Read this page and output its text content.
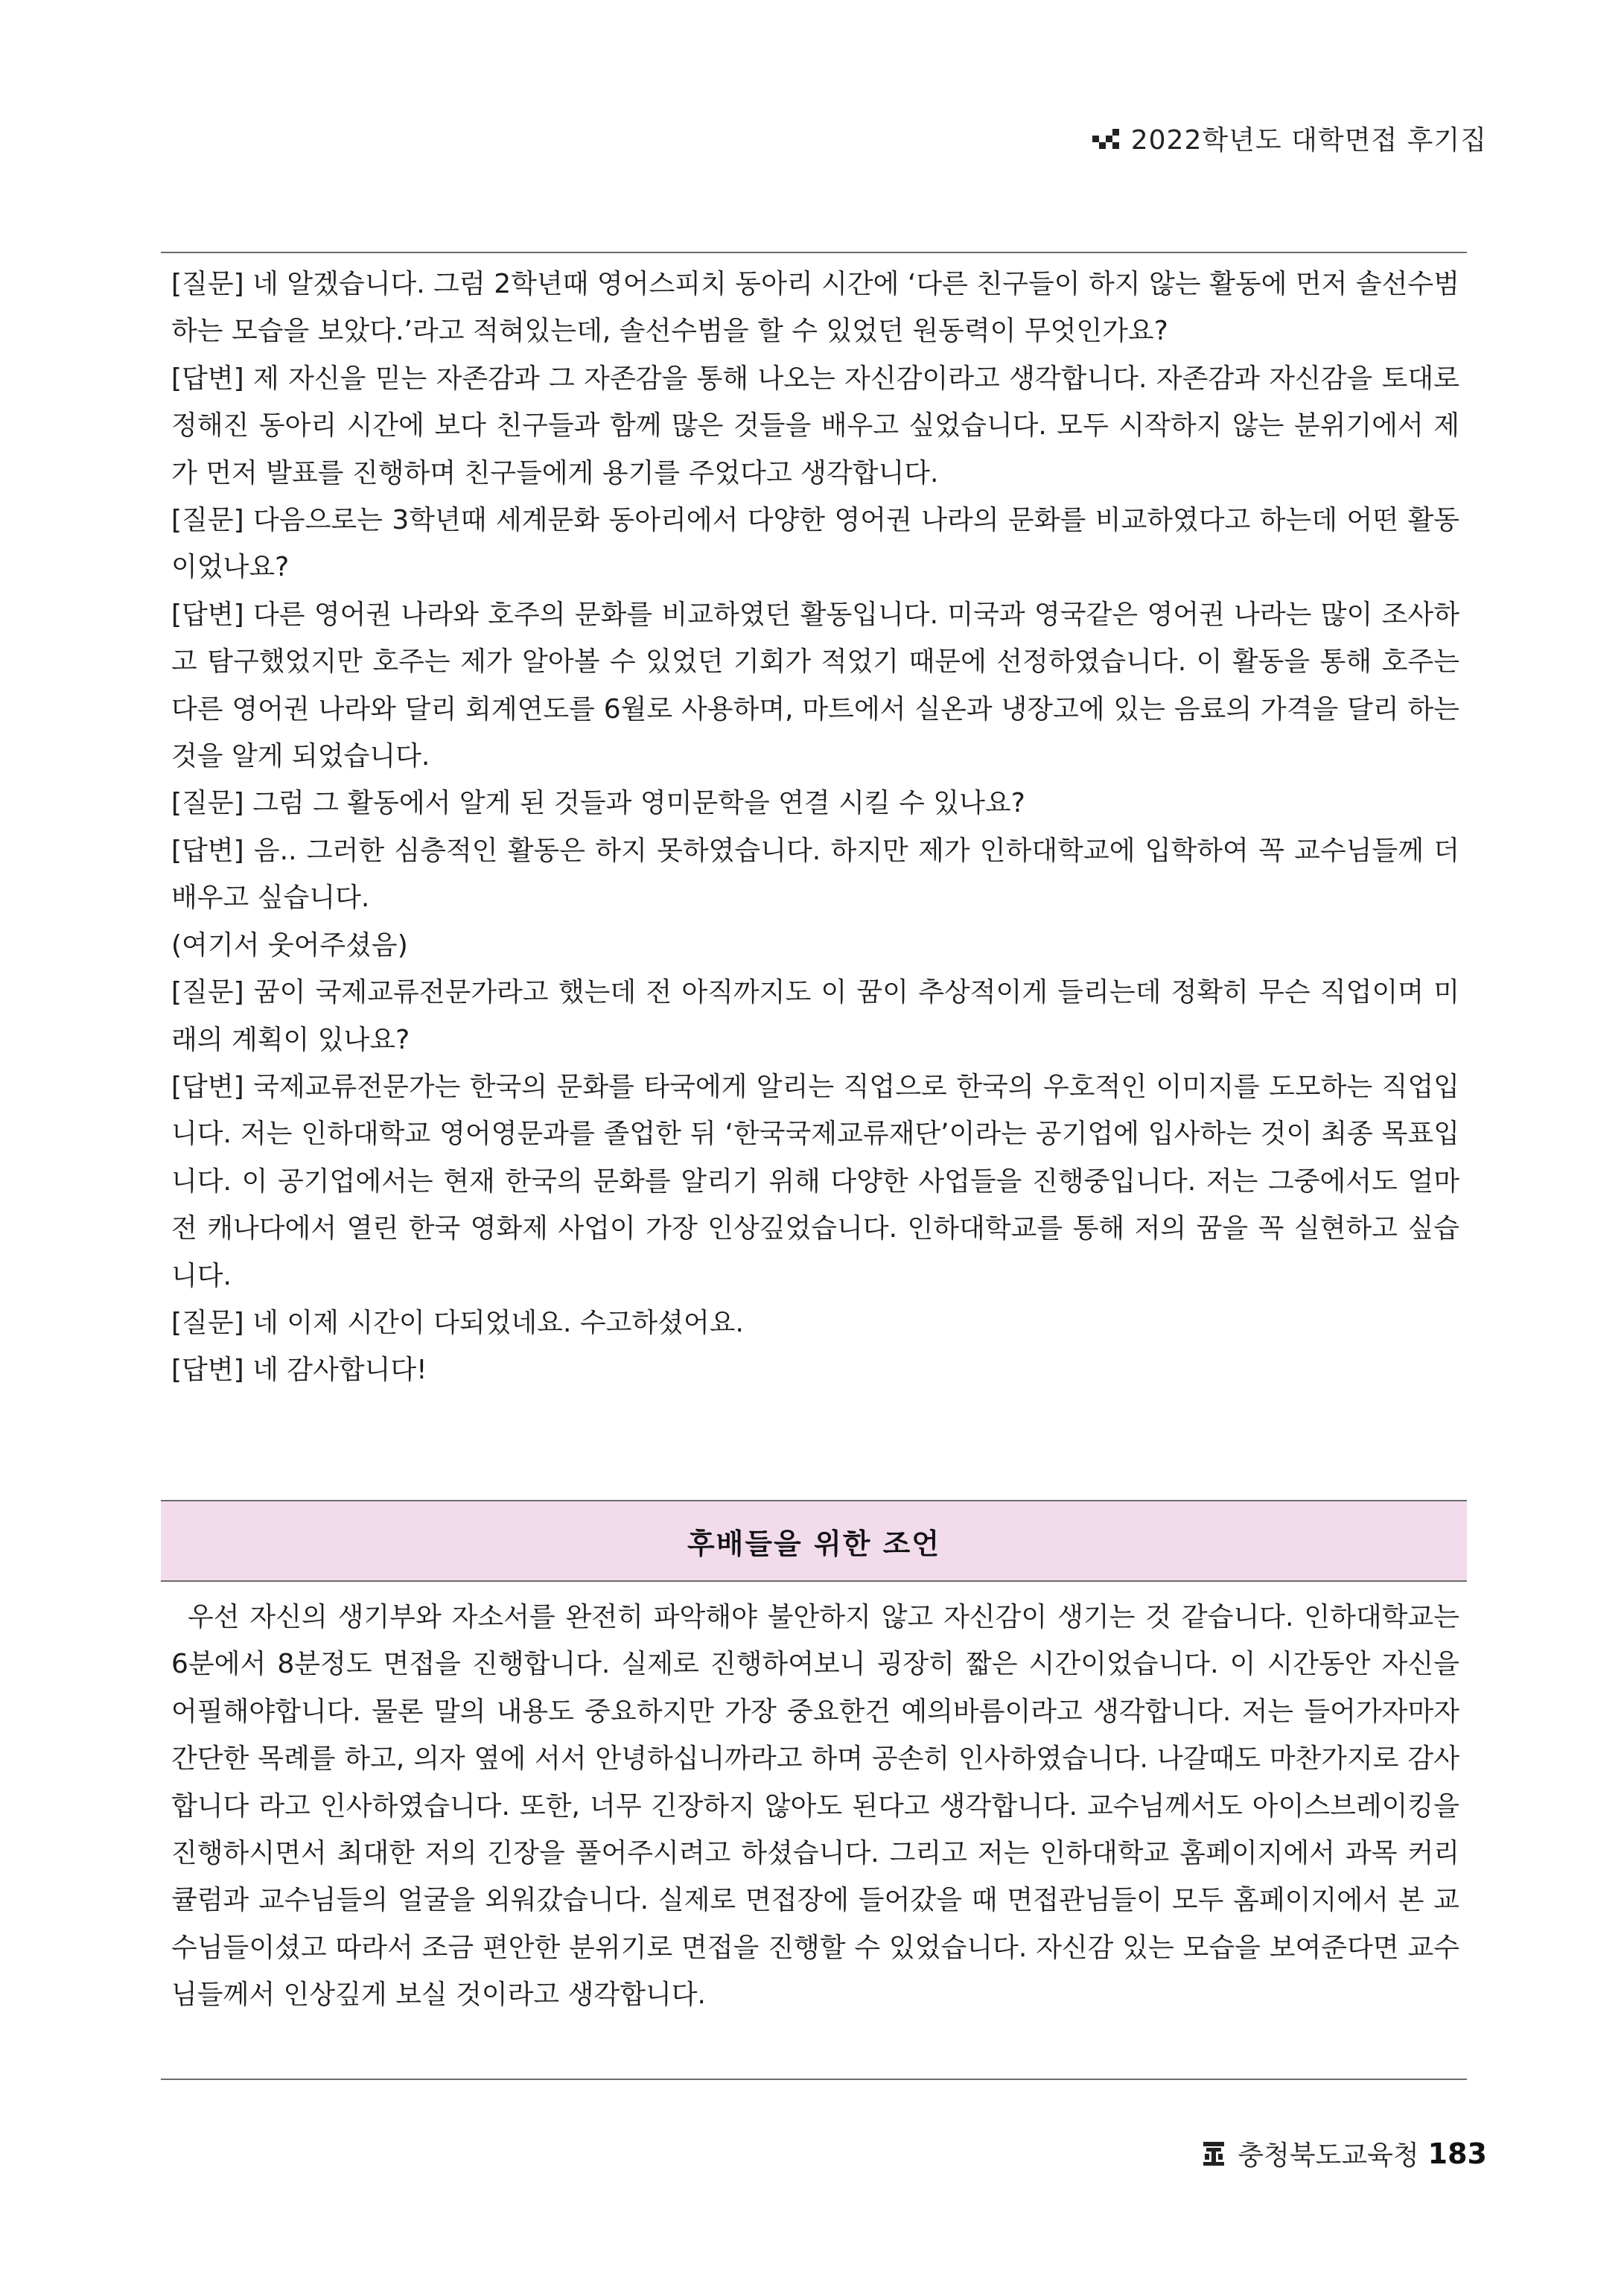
2022학년도 대학면접 후기집

[질문] 네 알겠습니다. 그럼 2학년때 영어스피치 동아리 시간에 ‘다른 친구들이 하지 않는 활동에 먼저 솔선수범 하는 모습을 보았다.’라고 적혀있는데, 솔선수범을 할 수 있었던 원동력이 무엇인가요?

[답변] 제 자신을 믿는 자존감과 그 자존감을 통해 나오는 자신감이라고 생각합니다. 자존감과 자신감을 토대로 정해진 동아리 시간에 보다 친구들과 함께 많은 것들을 배우고 싶었습니다. 모두 시작하지 않는 분위기에서 제가 먼저 발표를 진행하며 친구들에게 용기를 주었다고 생각합니다.

[질문] 다음으로는 3학년때 세계문화 동아리에서 다양한 영어권 나라의 문화를 비교하였다고 하는데 어떤 활동이었나요?

[답변] 다른 영어권 나라와 호주의 문화를 비교하였던 활동입니다. 미국과 영국같은 영어권 나라는 많이 조사하고 탐구했었지만 호주는 제가 알아볼 수 있었던 기회가 적었기 때문에 선정하였습니다. 이 활동을 통해 호주는 다른 영어권 나라와 달리 회계연도를 6월로 사용하며, 마트에서 실온과 냉장고에 있는 음료의 가격을 달리 하는 것을 알게 되었습니다.

[질문] 그럼 그 활동에서 알게 된 것들과 영미문학을 연결 시킬 수 있나요?

[답변] 음.. 그러한 심층적인 활동은 하지 못하였습니다. 하지만 제가 인하대학교에 입학하여 꼭 교수님들께 더 배우고 싶습니다.

(여기서 웃어주셨음)

[질문] 꿈이 국제교류전문가라고 했는데 전 아직까지도 이 꿈이 추상적이게 들리는데 정확히 무슨 직업이며 미래의 계획이 있나요?

[답변] 국제교류전문가는 한국의 문화를 타국에게 알리는 직업으로 한국의 우호적인 이미지를 도모하는 직업입니다. 저는 인하대학교 영어영문과를 졸업한 뒤 ‘한국국제교류재단’이라는 공기업에 입사하는 것이 최종 목표입니다. 이 공기업에서는 현재 한국의 문화를 알리기 위해 다양한 사업들을 진행중입니다. 저는 그중에서도 얼마전 캐나다에서 열린 한국 영화제 사업이 가장 인상깊었습니다. 인하대학교를 통해 저의 꿈을 꼭 실현하고 싶습니다.

[질문] 네 이제 시간이 다되었네요. 수고하셨어요.

[답변] 네 감사합니다!

후배들을 위한 조언

우선 자신의 생기부와 자소서를 완전히 파악해야 불안하지 않고 자신감이 생기는 것 같습니다. 인하대학교는 6분에서 8분정도 면접을 진행합니다. 실제로 진행하여보니 굉장히 짧은 시간이었습니다. 이 시간동안 자신을 어필해야합니다. 물론 말의 내용도 중요하지만 가장 중요한건 예의바름이라고 생각합니다. 저는 들어가자마자 간단한 목례를 하고, 의자 옆에 서서 안녕하십니까라고 하며 공손히 인사하였습니다. 나갈때도 마찬가지로 감사합니다 라고 인사하였습니다. 또한, 너무 긴장하지 않아도 된다고 생각합니다. 교수님께서도 아이스브레이킹을 진행하시면서 최대한 저의 긴장을 풀어주시려고 하셨습니다. 그리고 저는 인하대학교 홈페이지에서 과목 커리큘럼과 교수님들의 얼굴을 외워갔습니다. 실제로 면접장에 들어갔을 때 면접관님들이 모두 홈페이지에서 본 교수님들이셨고 따라서 조금 편안한 분위기로 면접을 진행할 수 있었습니다. 자신감 있는 모습을 보여준다면 교수님들께서 인상깊게 보실 것이라고 생각합니다.

충청북도교육청 183
